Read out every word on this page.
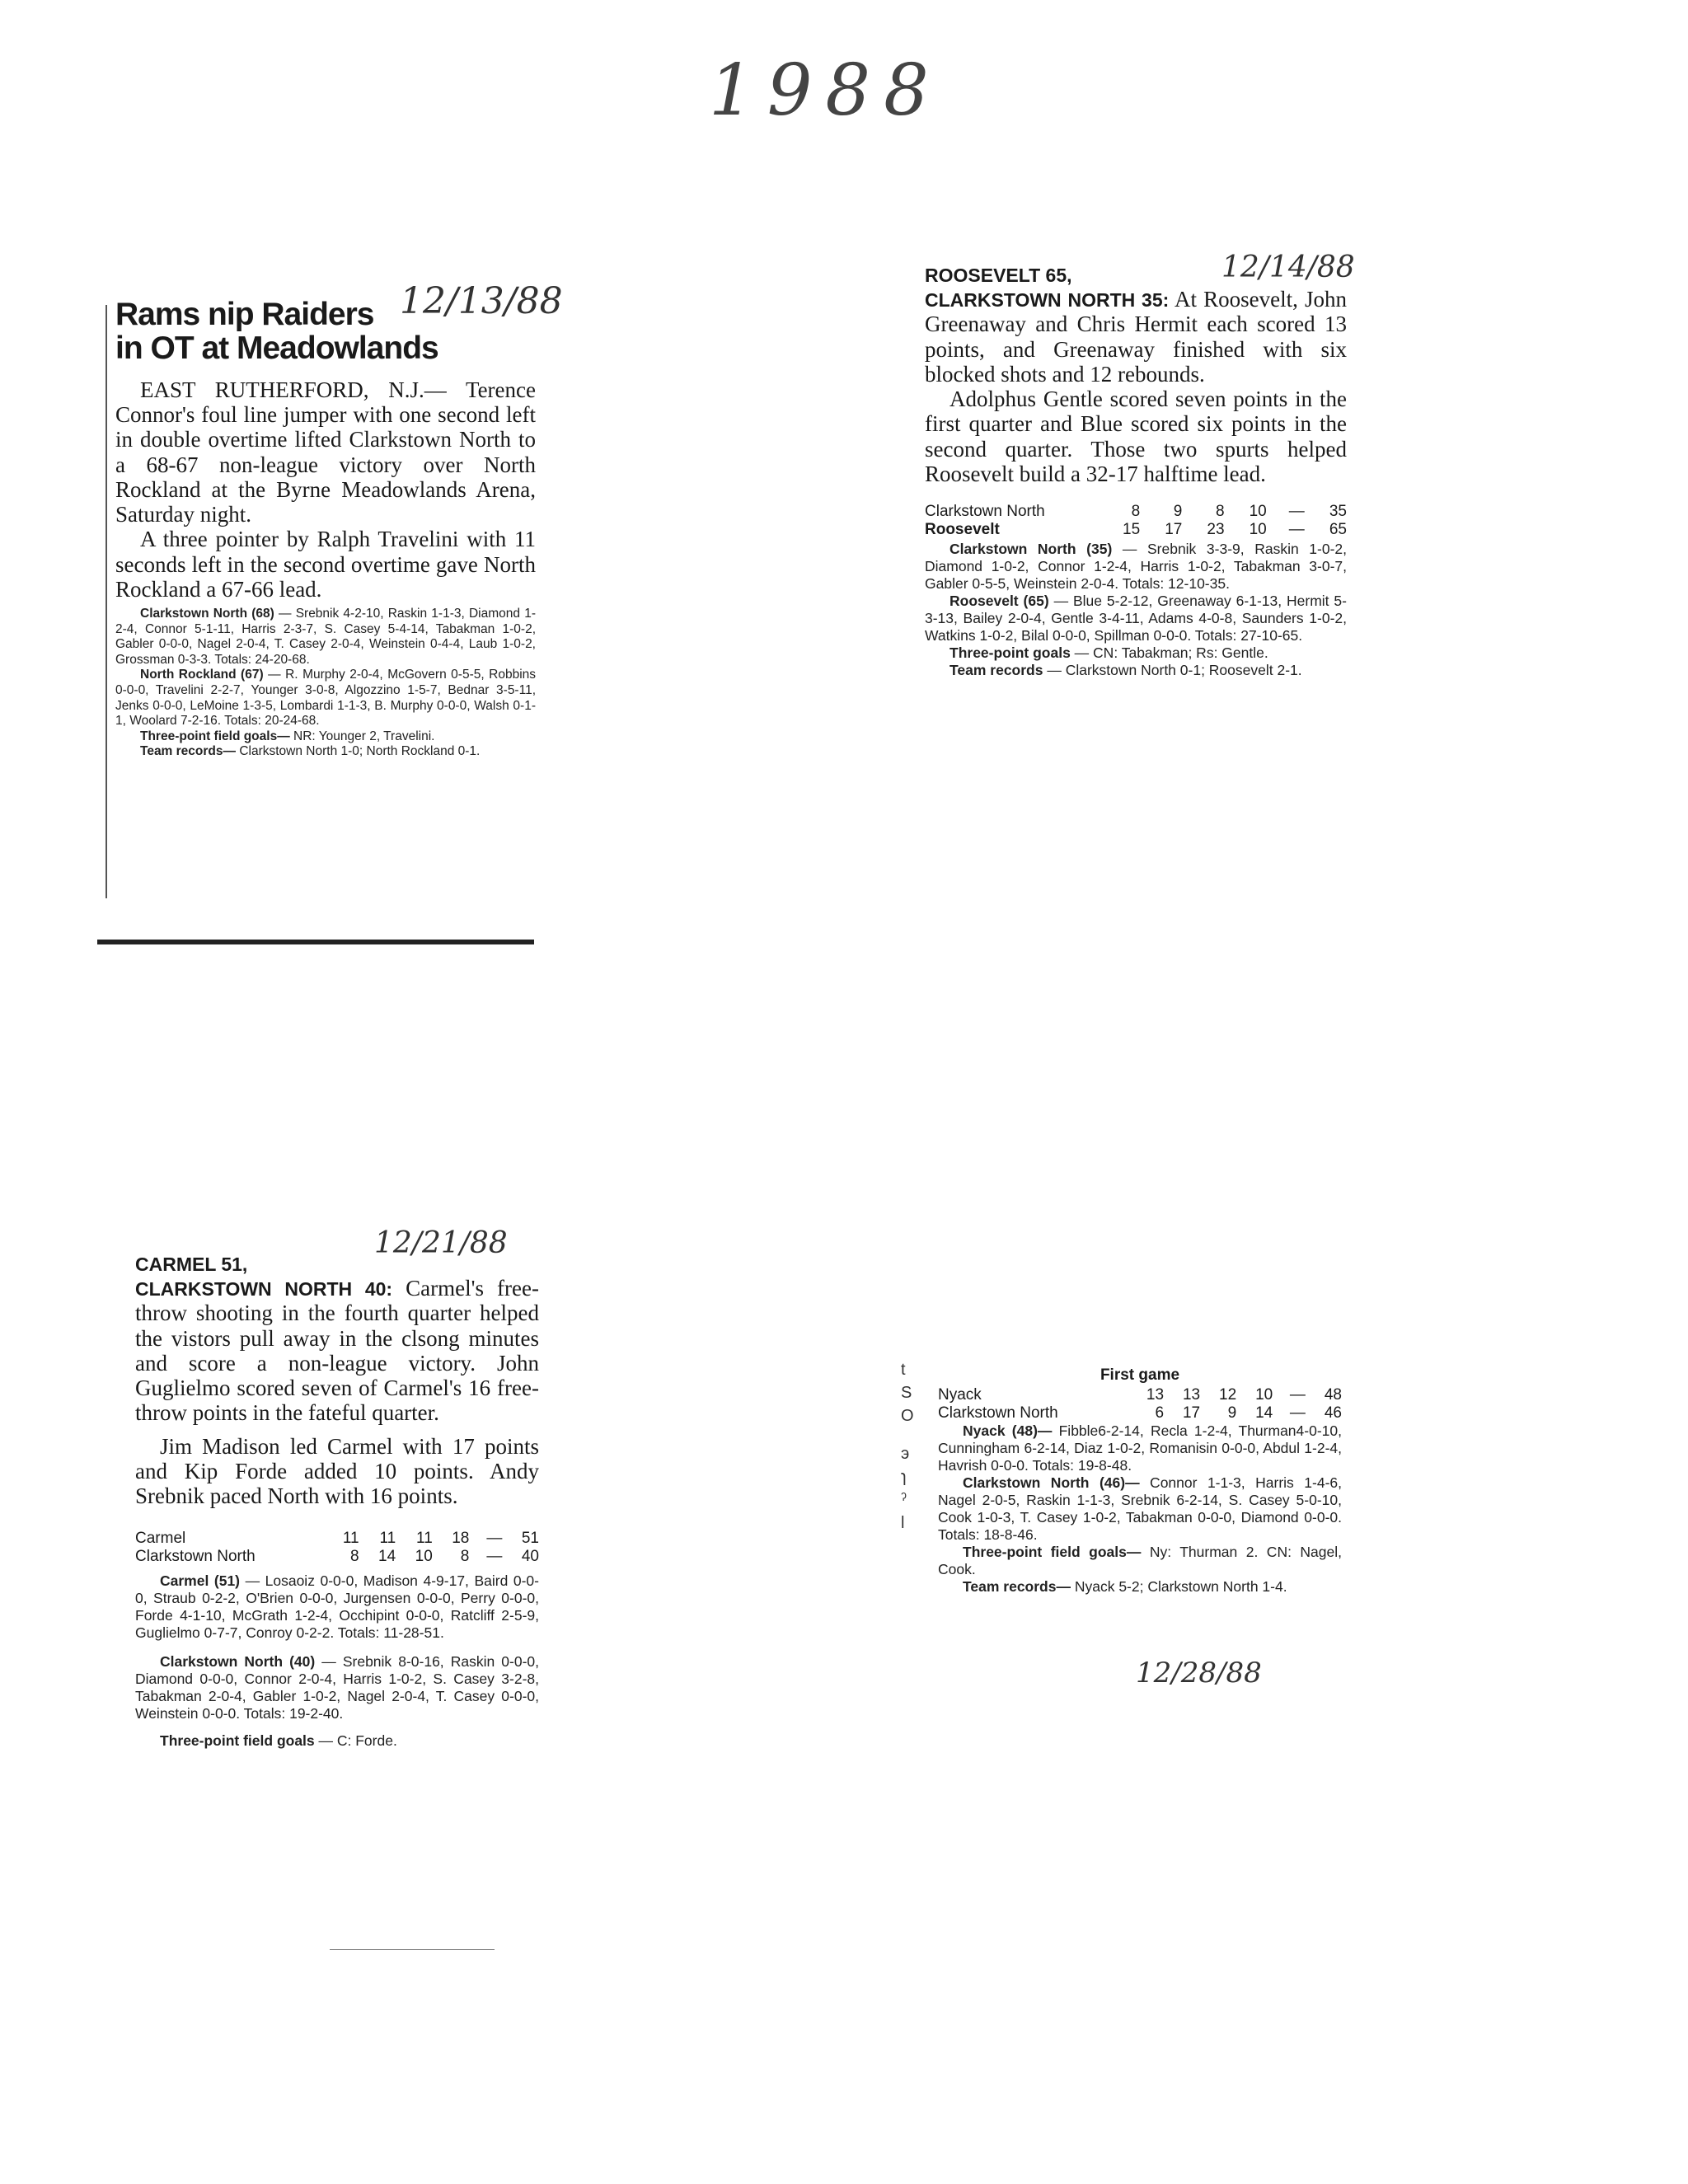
1988
12/13/88
Rams nip Raiders
in OT at Meadowlands

EAST RUTHERFORD, N.J.— Terence Connor's foul line jumper with one second left in double overtime lifted Clarkstown North to a 68-67 non-league victory over North Rockland at the Byrne Meadowlands Arena, Saturday night.

A three pointer by Ralph Travelini with 11 seconds left in the second overtime gave North Rockland a 67-66 lead.

Clarkstown North (68) — Srebnik 4-2-10, Raskin 1-1-3, Diamond 1-2-4, Connor 5-1-11, Harris 2-3-7, S. Casey 5-4-14, Tabakman 1-0-2, Gabler 0-0-0, Nagel 2-0-4, T. Casey 2-0-4, Weinstein 0-4-4, Laub 1-0-2, Grossman 0-3-3. Totals: 24-20-68.

North Rockland (67) — R. Murphy 2-0-4, McGovern 0-5-5, Robbins 0-0-0, Travelini 2-2-7, Younger 3-0-8, Algozzino 1-5-7, Bednar 3-5-11, Jenks 0-0-0, LeMoine 1-3-5, Lombardi 1-1-3, B. Murphy 0-0-0, Walsh 0-1-1, Woolard 7-2-16. Totals: 20-24-68.

Three-point field goals— NR: Younger 2, Travelini.

Team records— Clarkstown North 1-0; North Rockland 0-1.

12/14/88
ROOSEVELT 65,
CLARKSTOWN NORTH 35: At Roosevelt, John Greenaway and Chris Hermit each scored 13 points, and Greenaway finished with six blocked shots and 12 rebounds.

Adolphus Gentle scored seven points in the first quarter and Blue scored six points in the second quarter. Those two spurts helped Roosevelt build a 32-17 halftime lead.

Clarkstown North	8	9	8	10	—	35
Roosevelt	15	17	23	10	—	65

Clarkstown North (35) — Srebnik 3-3-9, Raskin 1-0-2, Diamond 1-0-2, Connor 1-2-4, Harris 1-0-2, Tabakman 3-0-7, Gabler 0-5-5, Weinstein 2-0-4. Totals: 12-10-35.

Roosevelt (65) — Blue 5-2-12, Greenaway 6-1-13, Hermit 5-3-13, Bailey 2-0-4, Gentle 3-4-11, Adams 4-0-8, Saunders 1-0-2, Watkins 1-0-2, Bilal 0-0-0, Spillman 0-0-0. Totals: 27-10-65.

Three-point goals — CN: Tabakman; Rs: Gentle.

Team records — Clarkstown North 0-1; Roosevelt 2-1.

12/21/88
CARMEL 51,
CLARKSTOWN NORTH 40: Carmel's free-throw shooting in the fourth quarter helped the vistors pull away in the clsong minutes and score a non-league victory. John Guglielmo scored seven of Carmel's 16 free-throw points in the fateful quarter.

Jim Madison led Carmel with 17 points and Kip Forde added 10 points. Andy Srebnik paced North with 16 points.

Carmel	11	11	11	18	—	51
Clarkstown North	8	14	10	8	—	40

Carmel (51) — Losaoiz 0-0-0, Madison 4-9-17, Baird 0-0-0, Straub 0-2-2, O'Brien 0-0-0, Jurgensen 0-0-0, Perry 0-0-0, Forde 4-1-10, McGrath 1-2-4, Occhipint 0-0-0, Ratcliff 2-5-9, Guglielmo 0-7-7, Conroy 0-2-2. Totals: 11-28-51.

Clarkstown North (40) — Srebnik 8-0-16, Raskin 0-0-0, Diamond 0-0-0, Connor 2-0-4, Harris 1-0-2, S. Casey 3-2-8, Tabakman 2-0-4, Gabler 1-0-2, Nagel 2-0-4, T. Casey 0-0-0, Weinstein 0-0-0. Totals: 19-2-40.

Three-point field goals — C: Forde.

t
S
O
э
ɿ
ˀ
l
First game
Nyack	13	13	12	10	—	48
Clarkstown North	6	17	9	14	—	46

Nyack (48)— Fibble6-2-14, Recla 1-2-4, Thurman4-0-10, Cunningham 6-2-14, Diaz 1-0-2, Romanisin 0-0-0, Abdul 1-2-4, Havrish 0-0-0. Totals: 19-8-48.

Clarkstown North (46)— Connor 1-1-3, Harris 1-4-6, Nagel 2-0-5, Raskin 1-1-3, Srebnik 6-2-14, S. Casey 5-0-10, Cook 1-0-3, T. Casey 1-0-2, Tabakman 0-0-0, Diamond 0-0-0. Totals: 18-8-46.

Three-point field goals— Ny: Thurman 2. CN: Nagel, Cook.

Team records— Nyack 5-2; Clarkstown North 1-4.

12/28/88
